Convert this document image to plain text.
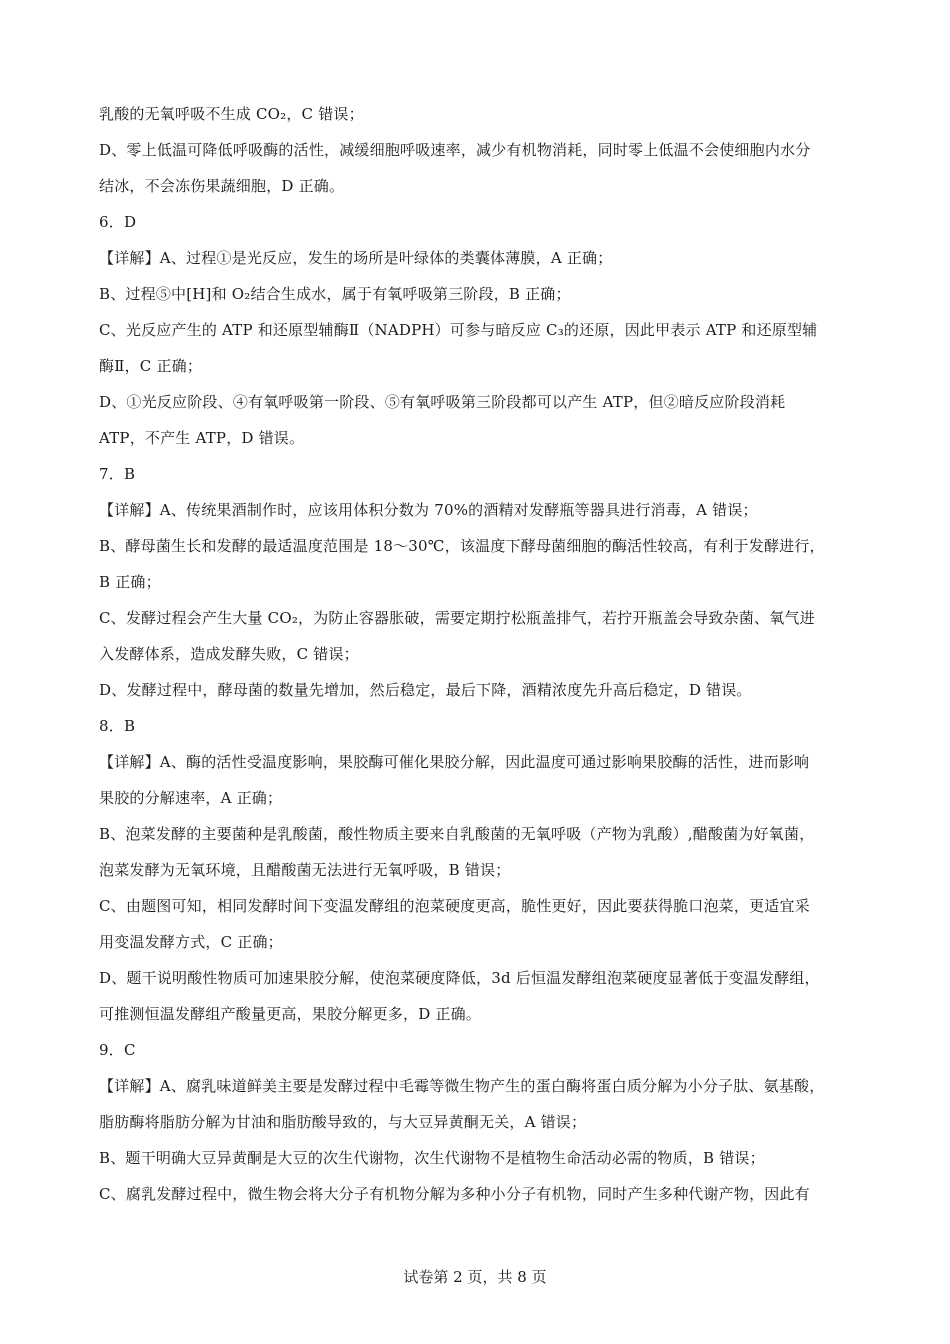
乳酸的无氧呼吸不生成 CO₂，C 错误；
D、零上低温可降低呼吸酶的活性，减缓细胞呼吸速率，减少有机物消耗，同时零上低温不会使细胞内水分
结冰，不会冻伤果蔬细胞，D 正确。
6．D
【详解】A、过程①是光反应，发生的场所是叶绿体的类囊体薄膜，A 正确；
B、过程⑤中[H]和 O₂结合生成水，属于有氧呼吸第三阶段，B 正确；
C、光反应产生的 ATP 和还原型辅酶Ⅱ（NADPH）可参与暗反应 C₃的还原，因此甲表示 ATP 和还原型辅
酶Ⅱ，C 正确；
D、①光反应阶段、④有氧呼吸第一阶段、⑤有氧呼吸第三阶段都可以产生 ATP，但②暗反应阶段消耗
ATP，不产生 ATP，D 错误。
7．B
【详解】A、传统果酒制作时，应该用体积分数为 70%的酒精对发酵瓶等器具进行消毒，A 错误；
B、酵母菌生长和发酵的最适温度范围是 18～30℃，该温度下酵母菌细胞的酶活性较高，有利于发酵进行，
B 正确；
C、发酵过程会产生大量 CO₂，为防止容器胀破，需要定期拧松瓶盖排气，若拧开瓶盖会导致杂菌、氧气进
入发酵体系，造成发酵失败，C 错误；
D、发酵过程中，酵母菌的数量先增加，然后稳定，最后下降，酒精浓度先升高后稳定，D 错误。
8．B
【详解】A、酶的活性受温度影响，果胶酶可催化果胶分解，因此温度可通过影响果胶酶的活性，进而影响
果胶的分解速率，A 正确；
B、泡菜发酵的主要菌种是乳酸菌，酸性物质主要来自乳酸菌的无氧呼吸（产物为乳酸）,醋酸菌为好氧菌，
泡菜发酵为无氧环境，且醋酸菌无法进行无氧呼吸，B 错误；
C、由题图可知，相同发酵时间下变温发酵组的泡菜硬度更高，脆性更好，因此要获得脆口泡菜，更适宜采
用变温发酵方式，C 正确；
D、题干说明酸性物质可加速果胶分解，使泡菜硬度降低，3d 后恒温发酵组泡菜硬度显著低于变温发酵组，
可推测恒温发酵组产酸量更高，果胶分解更多，D 正确。
9．C
【详解】A、腐乳味道鲜美主要是发酵过程中毛霉等微生物产生的蛋白酶将蛋白质分解为小分子肽、氨基酸，
脂肪酶将脂肪分解为甘油和脂肪酸导致的，与大豆异黄酮无关，A 错误；
B、题干明确大豆异黄酮是大豆的次生代谢物，次生代谢物不是植物生命活动必需的物质，B 错误；
C、腐乳发酵过程中，微生物会将大分子有机物分解为多种小分子有机物，同时产生多种代谢产物，因此有
试卷第 2 页，共 8 页
